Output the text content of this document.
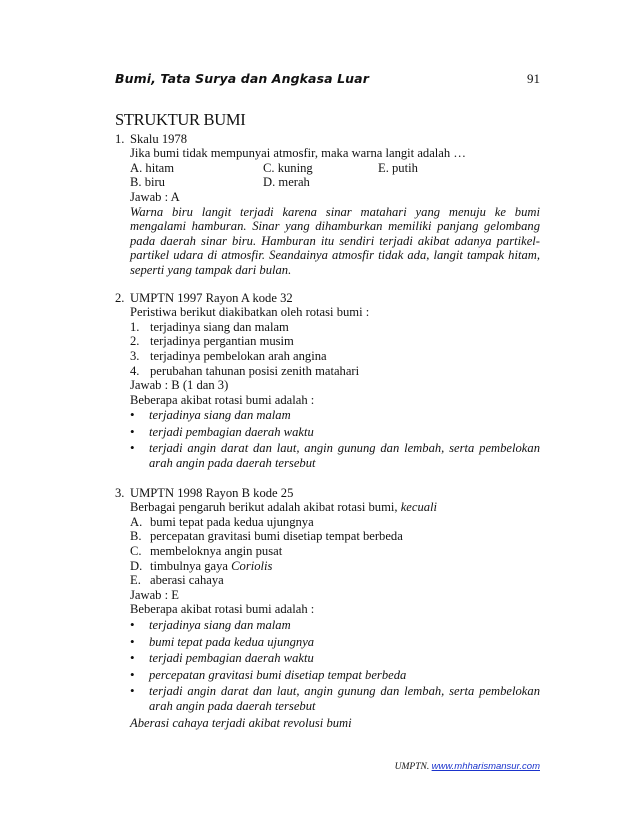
Bumi, Tata Surya dan Angkasa Luar	91
STRUKTUR BUMI
1. Skalu 1978
Jika bumi tidak mempunyai atmosfir, maka warna langit adalah …
A. hitam	C. kuning	E. putih
B. biru	D. merah
Jawab : A

Warna biru langit terjadi karena sinar matahari yang menuju ke bumi mengalami hamburan. Sinar yang dihamburkan memiliki panjang gelombang pada daerah sinar biru. Hamburan itu sendiri terjadi akibat adanya partikel-partikel udara di atmosfir. Seandainya atmosfir tidak ada, langit tampak hitam, seperti yang tampak dari bulan.

2. UMPTN 1997 Rayon A kode 32
Peristiwa berikut diakibatkan oleh rotasi bumi :
1. terjadinya siang dan malam
2. terjadinya pergantian musim
3. terjadinya pembelokan arah angina
4. perubahan tahunan posisi zenith matahari
Jawab : B (1 dan 3)
Beberapa akibat rotasi bumi adalah :
•	terjadinya siang dan malam
•	terjadi pembagian daerah waktu
•	terjadi angin darat dan laut, angin gunung dan lembah, serta pembelokan arah angin pada daerah tersebut
3. UMPTN 1998 Rayon B kode 25
Berbagai pengaruh berikut adalah akibat rotasi bumi, kecuali
A. bumi tepat pada kedua ujungnya
B. percepatan gravitasi bumi disetiap tempat berbeda
C. membeloknya angin pusat
D. timbulnya gaya Coriolis
E. aberasi cahaya
Jawab : E
Beberapa akibat rotasi bumi adalah :
•	terjadinya siang dan malam
•	bumi tepat pada kedua ujungnya
•	terjadi pembagian daerah waktu
•	percepatan gravitasi bumi disetiap tempat berbeda
•	terjadi angin darat dan laut, angin gunung dan lembah, serta pembelokan arah angin pada daerah tersebut
Aberasi cahaya terjadi akibat revolusi bumi
UMPTN. www.mhharismansur.com
